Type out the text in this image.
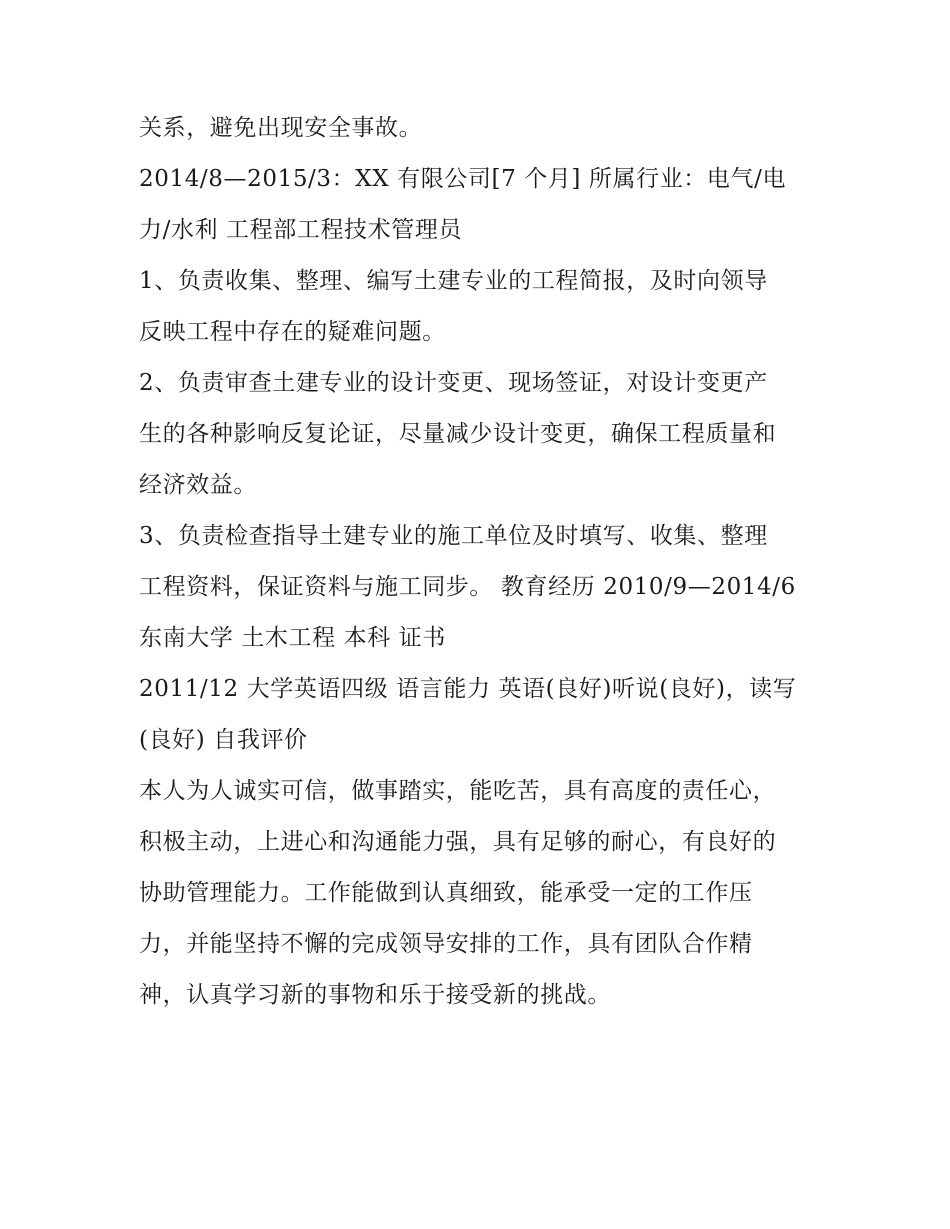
关系，避免出现安全事故。
2014/8—2015/3：XX 有限公司[7 个月] 所属行业：电气/电
力/水利 工程部工程技术管理员
1、负责收集、整理、编写土建专业的工程简报，及时向领导
反映工程中存在的疑难问题。
2、负责审查土建专业的设计变更、现场签证，对设计变更产
生的各种影响反复论证，尽量减少设计变更，确保工程质量和
经济效益。
3、负责检查指导土建专业的施工单位及时填写、收集、整理
工程资料，保证资料与施工同步。 教育经历 2010/9—2014/6
东南大学 土木工程 本科 证书
2011/12 大学英语四级 语言能力 英语(良好)听说(良好)，读写
(良好) 自我评价
本人为人诚实可信，做事踏实，能吃苦，具有高度的责任心，
积极主动，上进心和沟通能力强，具有足够的耐心，有良好的
协助管理能力。工作能做到认真细致，能承受一定的工作压
力，并能坚持不懈的完成领导安排的工作，具有团队合作精
神，认真学习新的事物和乐于接受新的挑战。
